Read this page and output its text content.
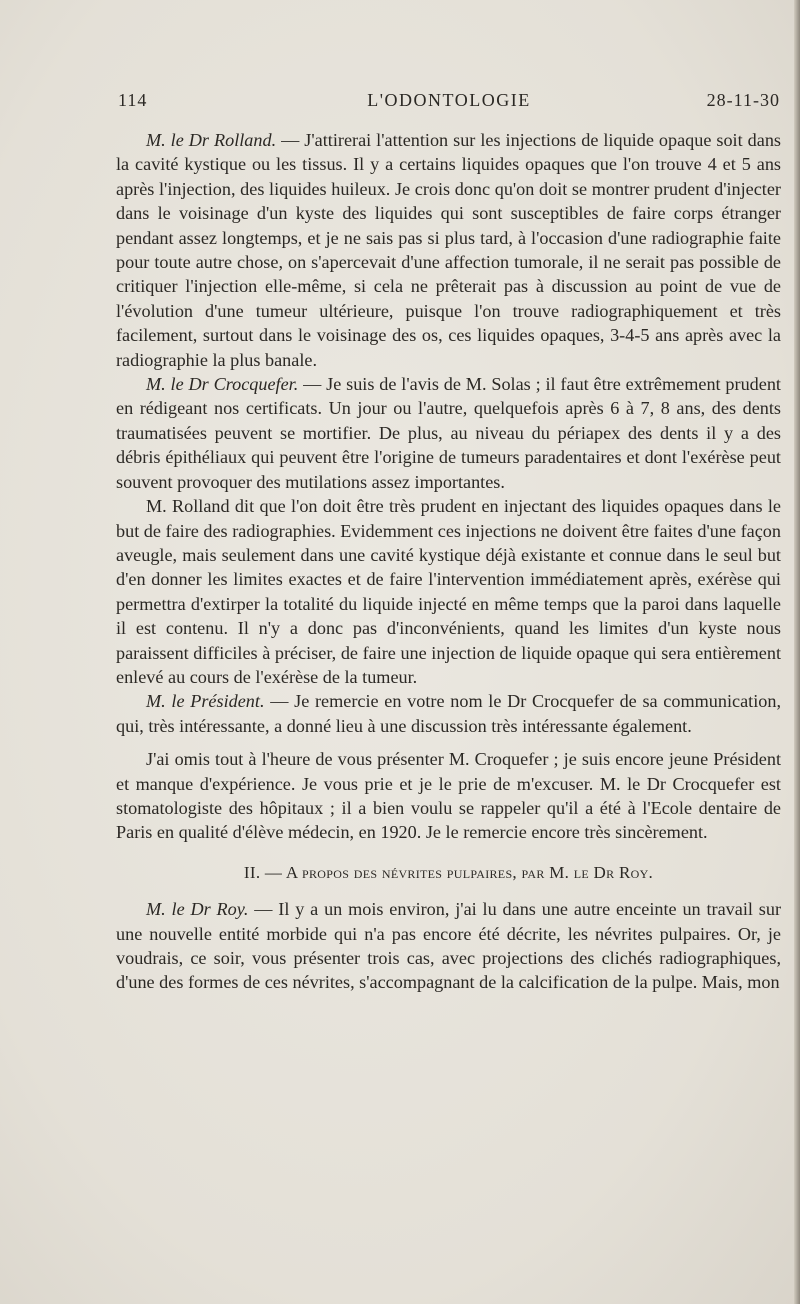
114	L'ODONTOLOGIE	28-11-30

M. le Dr Rolland. — J'attirerai l'attention sur les injections de liquide opaque soit dans la cavité kystique ou les tissus. Il y a certains liquides opaques que l'on trouve 4 et 5 ans après l'injection, des liquides huileux. Je crois donc qu'on doit se montrer prudent d'injecter dans le voisinage d'un kyste des liquides qui sont susceptibles de faire corps étranger pendant assez longtemps, et je ne sais pas si plus tard, à l'occasion d'une radiographie faite pour toute autre chose, on s'apercevait d'une affection tumorale, il ne serait pas possible de critiquer l'injection elle-même, si cela ne prêterait pas à discussion au point de vue de l'évolution d'une tumeur ultérieure, puisque l'on trouve radiographiquement et très facilement, surtout dans le voisinage des os, ces liquides opaques, 3-4-5 ans après avec la radiographie la plus banale.

M. le Dr Crocquefer. — Je suis de l'avis de M. Solas ; il faut être extrêmement prudent en rédigeant nos certificats. Un jour ou l'autre, quelquefois après 6 à 7, 8 ans, des dents traumatisées peuvent se mortifier. De plus, au niveau du périapex des dents il y a des débris épithéliaux qui peuvent être l'origine de tumeurs paradentaires et dont l'exérèse peut souvent provoquer des mutilations assez importantes.

M. Rolland dit que l'on doit être très prudent en injectant des liquides opaques dans le but de faire des radiographies. Evidemment ces injections ne doivent être faites d'une façon aveugle, mais seulement dans une cavité kystique déjà existante et connue dans le seul but d'en donner les limites exactes et de faire l'intervention immédiatement après, exérèse qui permettra d'extirper la totalité du liquide injecté en même temps que la paroi dans laquelle il est contenu. Il n'y a donc pas d'inconvénients, quand les limites d'un kyste nous paraissent difficiles à préciser, de faire une injection de liquide opaque qui sera entièrement enlevé au cours de l'exérèse de la tumeur.

M. le Président. — Je remercie en votre nom le Dr Crocquefer de sa communication, qui, très intéressante, a donné lieu à une discussion très intéressante également.

J'ai omis tout à l'heure de vous présenter M. Croquefer ; je suis encore jeune Président et manque d'expérience. Je vous prie et je le prie de m'excuser. M. le Dr Crocquefer est stomatologiste des hôpitaux ; il a bien voulu se rappeler qu'il a été à l'Ecole dentaire de Paris en qualité d'élève médecin, en 1920. Je le remercie encore très sincèrement.

II. — A propos des névrites pulpaires, par M. le Dr Roy.

M. le Dr Roy. — Il y a un mois environ, j'ai lu dans une autre enceinte un travail sur une nouvelle entité morbide qui n'a pas encore été décrite, les névrites pulpaires. Or, je voudrais, ce soir, vous présenter trois cas, avec projections des clichés radiographiques, d'une des formes de ces névrites, s'accompagnant de la calcification de la pulpe. Mais, mon
